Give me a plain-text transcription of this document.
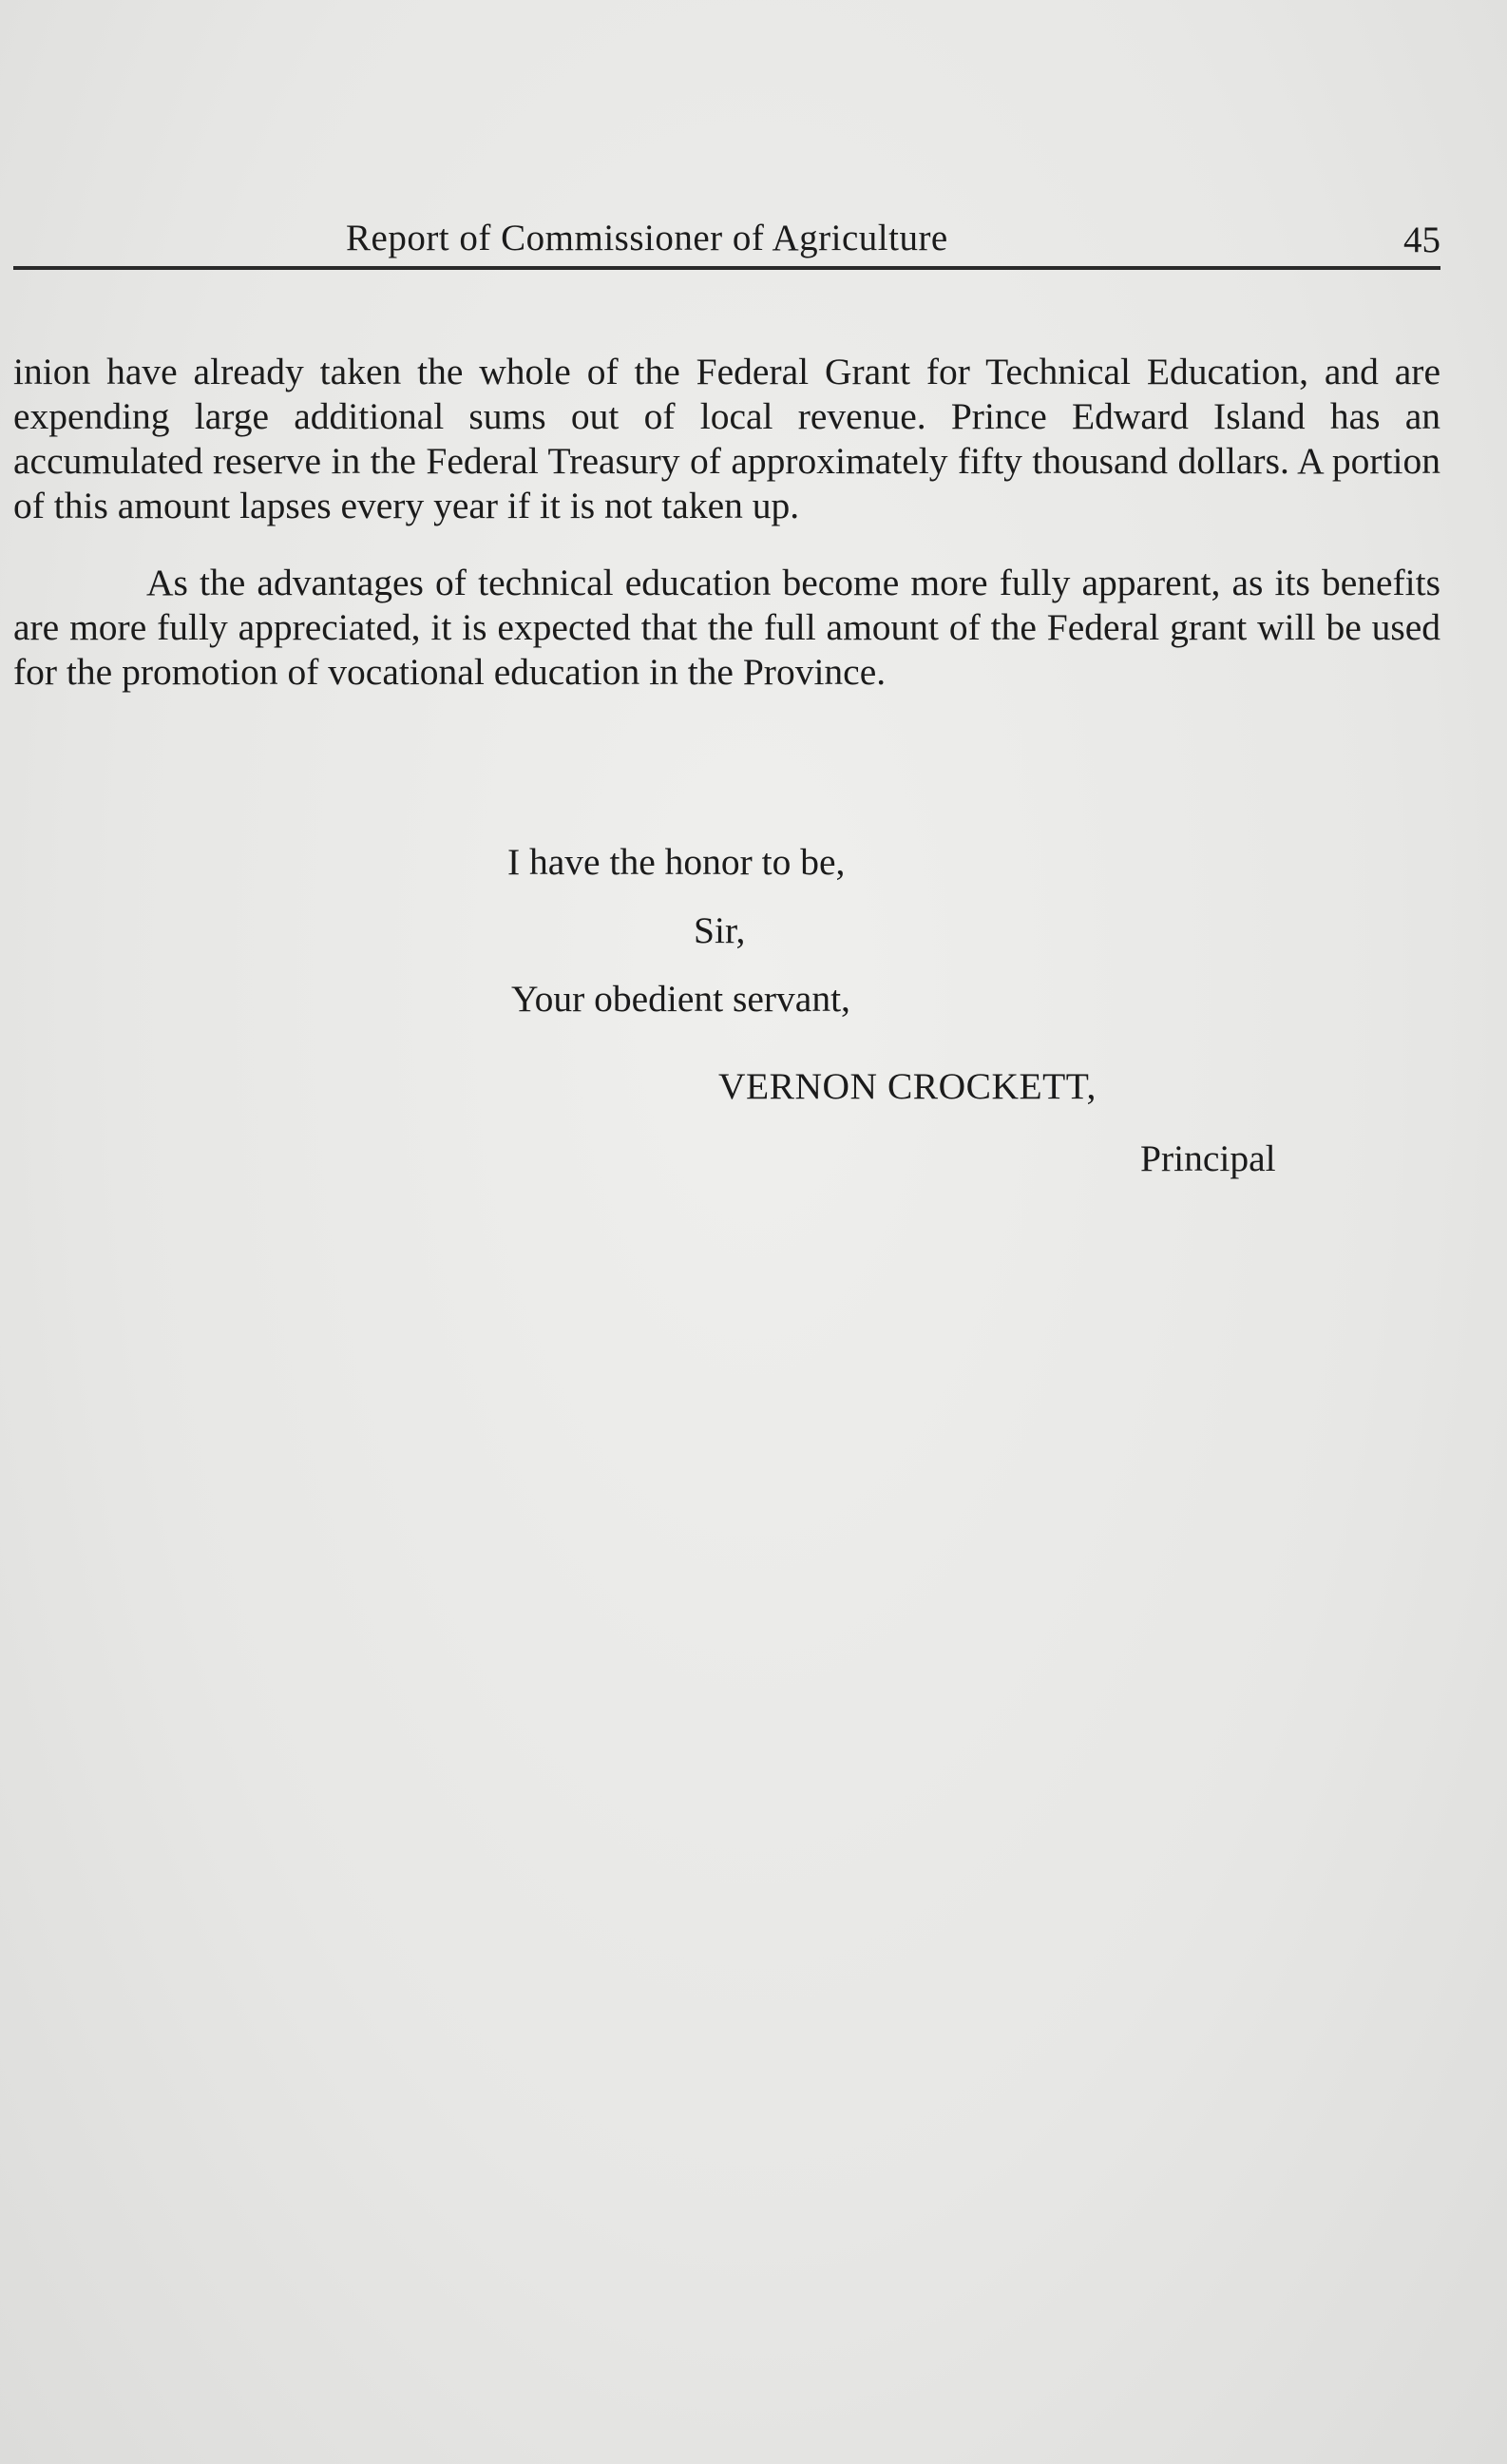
Report of Commissioner of Agriculture	45

inion have already taken the whole of the Federal Grant for Technical Education, and are expending large additional sums out of local revenue. Prince Edward Island has an accumulated reserve in the Federal Treasury of approximately fifty thousand dollars. A portion of this amount lapses every year if it is not taken up.

As the advantages of technical education become more fully apparent, as its benefits are more fully appreciated, it is expected that the full amount of the Federal grant will be used for the promotion of vocational education in the Province.

I have the honor to be,
Sir,
Your obedient servant,
VERNON CROCKETT,
Principal
